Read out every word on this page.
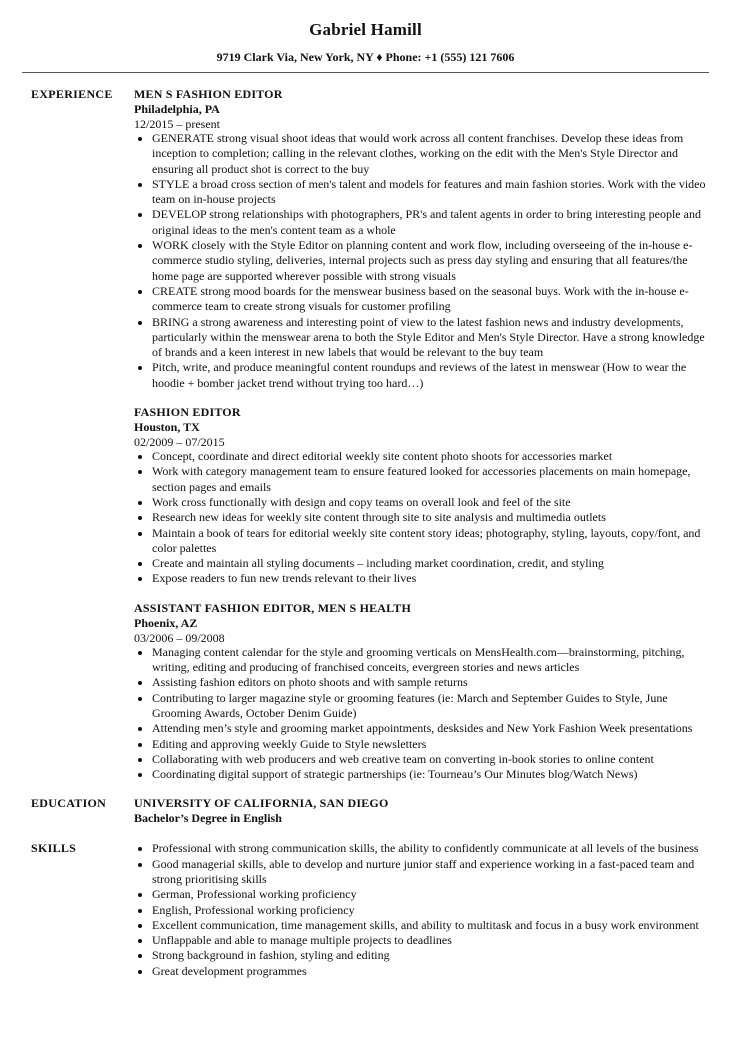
Gabriel Hamill
9719 Clark Via, New York, NY ♦ Phone: +1 (555) 121 7606
EXPERIENCE MEN S FASHION EDITOR
Philadelphia, PA
12/2015 – present
• GENERATE strong visual shoot ideas that would work across all content franchises. Develop these ideas from inception to completion; calling in the relevant clothes, working on the edit with the Men's Style Director and ensuring all product shot is correct to the buy
• STYLE a broad cross section of men's talent and models for features and main fashion stories. Work with the video team on in-house projects
• DEVELOP strong relationships with photographers, PR's and talent agents in order to bring interesting people and original ideas to the men's content team as a whole
• WORK closely with the Style Editor on planning content and work flow, including overseeing of the in-house e-commerce studio styling, deliveries, internal projects such as press day styling and ensuring that all features/the home page are supported wherever possible with strong visuals
• CREATE strong mood boards for the menswear business based on the seasonal buys. Work with the in-house e-commerce team to create strong visuals for customer profiling
• BRING a strong awareness and interesting point of view to the latest fashion news and industry developments, particularly within the menswear arena to both the Style Editor and Men's Style Director. Have a strong knowledge of brands and a keen interest in new labels that would be relevant to the buy team
• Pitch, write, and produce meaningful content roundups and reviews of the latest in menswear (How to wear the hoodie + bomber jacket trend without trying too hard…)
FASHION EDITOR
Houston, TX
02/2009 – 07/2015
• Concept, coordinate and direct editorial weekly site content photo shoots for accessories market
• Work with category management team to ensure featured looked for accessories placements on main homepage, section pages and emails
• Work cross functionally with design and copy teams on overall look and feel of the site
• Research new ideas for weekly site content through site to site analysis and multimedia outlets
• Maintain a book of tears for editorial weekly site content story ideas; photography, styling, layouts, copy/font, and color palettes
• Create and maintain all styling documents – including market coordination, credit, and styling
• Expose readers to fun new trends relevant to their lives
ASSISTANT FASHION EDITOR, MEN S HEALTH
Phoenix, AZ
03/2006 – 09/2008
• Managing content calendar for the style and grooming verticals on MensHealth.com—brainstorming, pitching, writing, editing and producing of franchised conceits, evergreen stories and news articles
• Assisting fashion editors on photo shoots and with sample returns
• Contributing to larger magazine style or grooming features (ie: March and September Guides to Style, June Grooming Awards, October Denim Guide)
• Attending men’s style and grooming market appointments, desksides and New York Fashion Week presentations
• Editing and approving weekly Guide to Style newsletters
• Collaborating with web producers and web creative team on converting in-book stories to online content
• Coordinating digital support of strategic partnerships (ie: Tourneau’s Our Minutes blog/Watch News)
EDUCATION UNIVERSITY OF CALIFORNIA, SAN DIEGO
Bachelor’s Degree in English
SKILLS
•	Professional with strong communication skills, the ability to confidently communicate at all levels of the business
• Good managerial skills, able to develop and nurture junior staff and experience working in a fast-paced team and strong prioritising skills
• German, Professional working proficiency
• English, Professional working proficiency
• Excellent communication, time management skills, and ability to multitask and focus in a busy work environment
• Unflappable and able to manage multiple projects to deadlines
• Strong background in fashion, styling and editing
• Great development programmes
